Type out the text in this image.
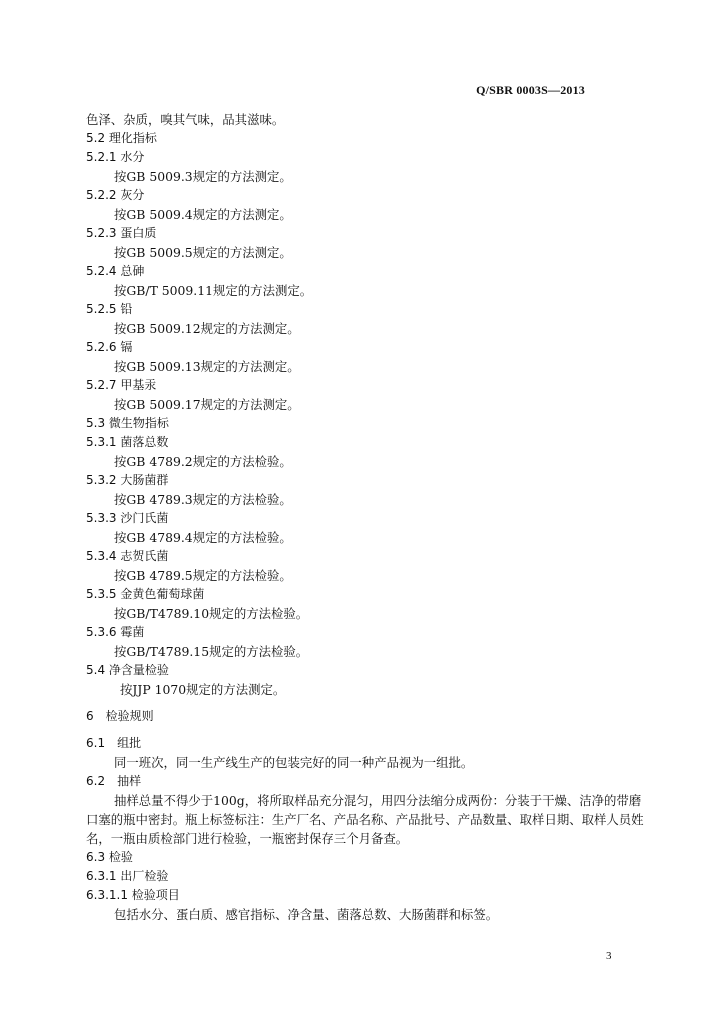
Q/SBR 0003S—2013
色泽、杂质，嗅其气味，品其滋味。
5.2 理化指标
5.2.1 水分
按GB 5009.3规定的方法测定。
5.2.2 灰分
按GB 5009.4规定的方法测定。
5.2.3 蛋白质
按GB 5009.5规定的方法测定。
5.2.4 总砷
按GB/T 5009.11规定的方法测定。
5.2.5 铅
按GB 5009.12规定的方法测定。
5.2.6 镉
按GB 5009.13规定的方法测定。
5.2.7 甲基汞
按GB 5009.17规定的方法测定。
5.3 微生物指标
5.3.1 菌落总数
按GB 4789.2规定的方法检验。
5.3.2 大肠菌群
按GB 4789.3规定的方法检验。
5.3.3 沙门氏菌
按GB 4789.4规定的方法检验。
5.3.4 志贺氏菌
按GB 4789.5规定的方法检验。
5.3.5 金黄色葡萄球菌
按GB/T4789.10规定的方法检验。
5.3.6 霉菌
按GB/T4789.15规定的方法检验。
5.4 净含量检验
按JJP 1070规定的方法测定。
6　检验规则
6.1　组批
同一班次，同一生产线生产的包装完好的同一种产品视为一组批。
6.2　抽样
抽样总量不得少于100g，将所取样品充分混匀，用四分法缩分成两份：分装于干燥、洁净的带磨口塞的瓶中密封。瓶上标签标注：生产厂名、产品名称、产品批号、产品数量、取样日期、取样人员姓名，一瓶由质检部门进行检验，一瓶密封保存三个月备查。
6.3 检验
6.3.1 出厂检验
6.3.1.1 检验项目
包括水分、蛋白质、感官指标、净含量、菌落总数、大肠菌群和标签。
3
